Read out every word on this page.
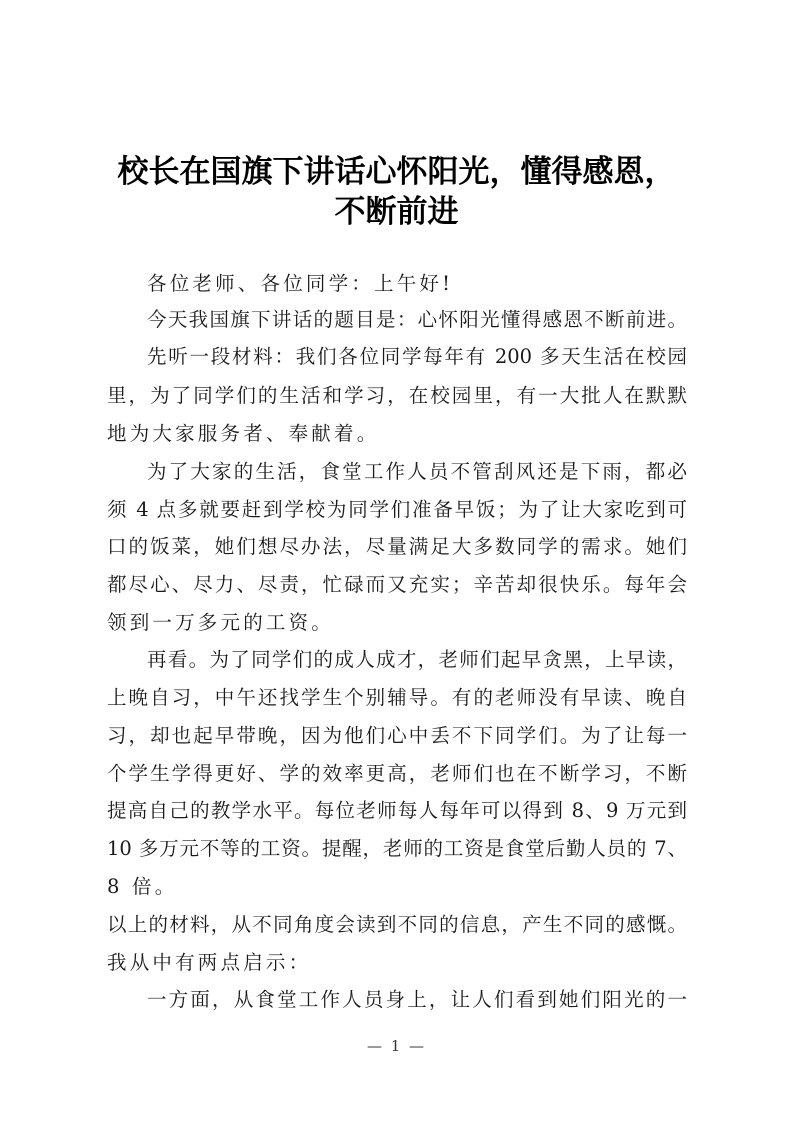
校长在国旗下讲话心怀阳光，懂得感恩，
不断前进
各位老师、各位同学：上午好!
今天我国旗下讲话的题目是：心怀阳光懂得感恩不断前进。
先听一段材料：我们各位同学每年有 200 多天生活在校园
里，为了同学们的生活和学习，在校园里，有一大批人在默默
地为大家服务者、奉献着。
为了大家的生活，食堂工作人员不管刮风还是下雨，都必
须 4 点多就要赶到学校为同学们准备早饭；为了让大家吃到可
口的饭菜，她们想尽办法，尽量满足大多数同学的需求。她们
都尽心、尽力、尽责，忙碌而又充实；辛苦却很快乐。每年会
领到一万多元的工资。
再看。为了同学们的成人成才，老师们起早贪黑，上早读，
上晚自习，中午还找学生个别辅导。有的老师没有早读、晚自
习，却也起早带晚，因为他们心中丢不下同学们。为了让每一
个学生学得更好、学的效率更高，老师们也在不断学习，不断
提高自己的教学水平。每位老师每人每年可以得到 8、9 万元到
10 多万元不等的工资。提醒，老师的工资是食堂后勤人员的 7、
8 倍。
以上的材料，从不同角度会读到不同的信息，产生不同的感慨。
我从中有两点启示：
一方面，从食堂工作人员身上，让人们看到她们阳光的一
— 1 —
